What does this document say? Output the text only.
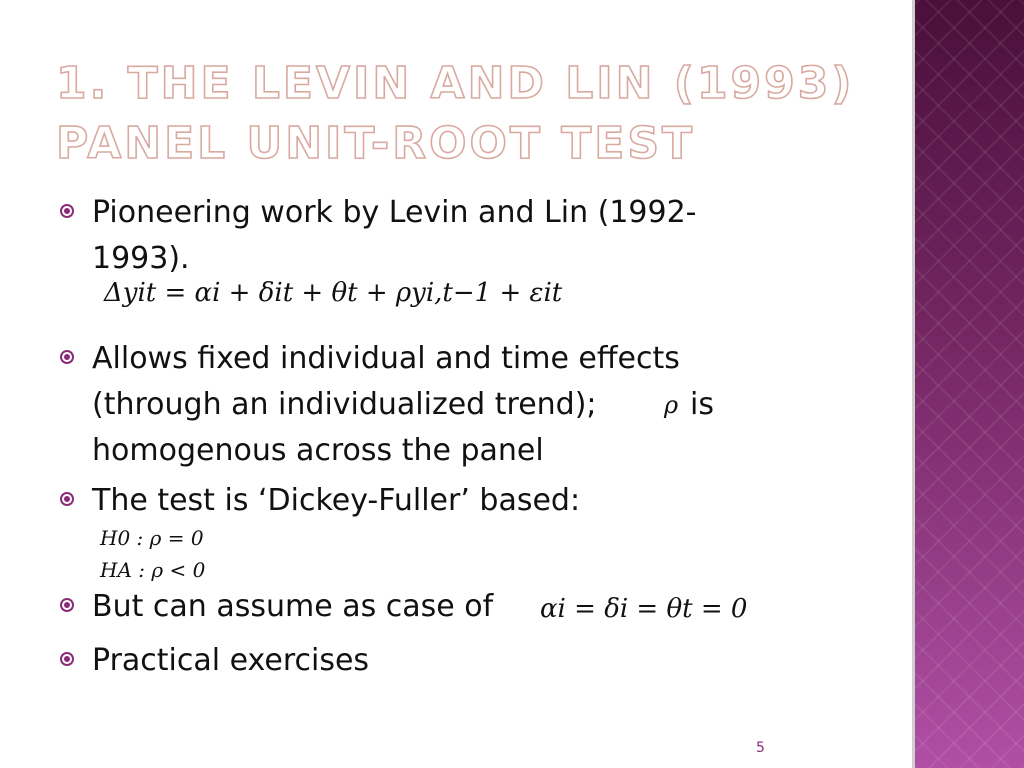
1. THE LEVIN AND LIN (1993)
PANEL UNIT-ROOT TEST
Pioneering work by Levin and Lin (1992-
1993).
Δyit = αi + δit + θt + ρyi,t−1 + εit
Allows fixed individual and time effects
(through an individualized trend);	is
homogenous across the panel
ρ
The test is ‘Dickey-Fuller’ based:
H0 : ρ = 0
HA : ρ < 0
But can assume as case of	αi = δi = θt = 0
Practical exercises
5
